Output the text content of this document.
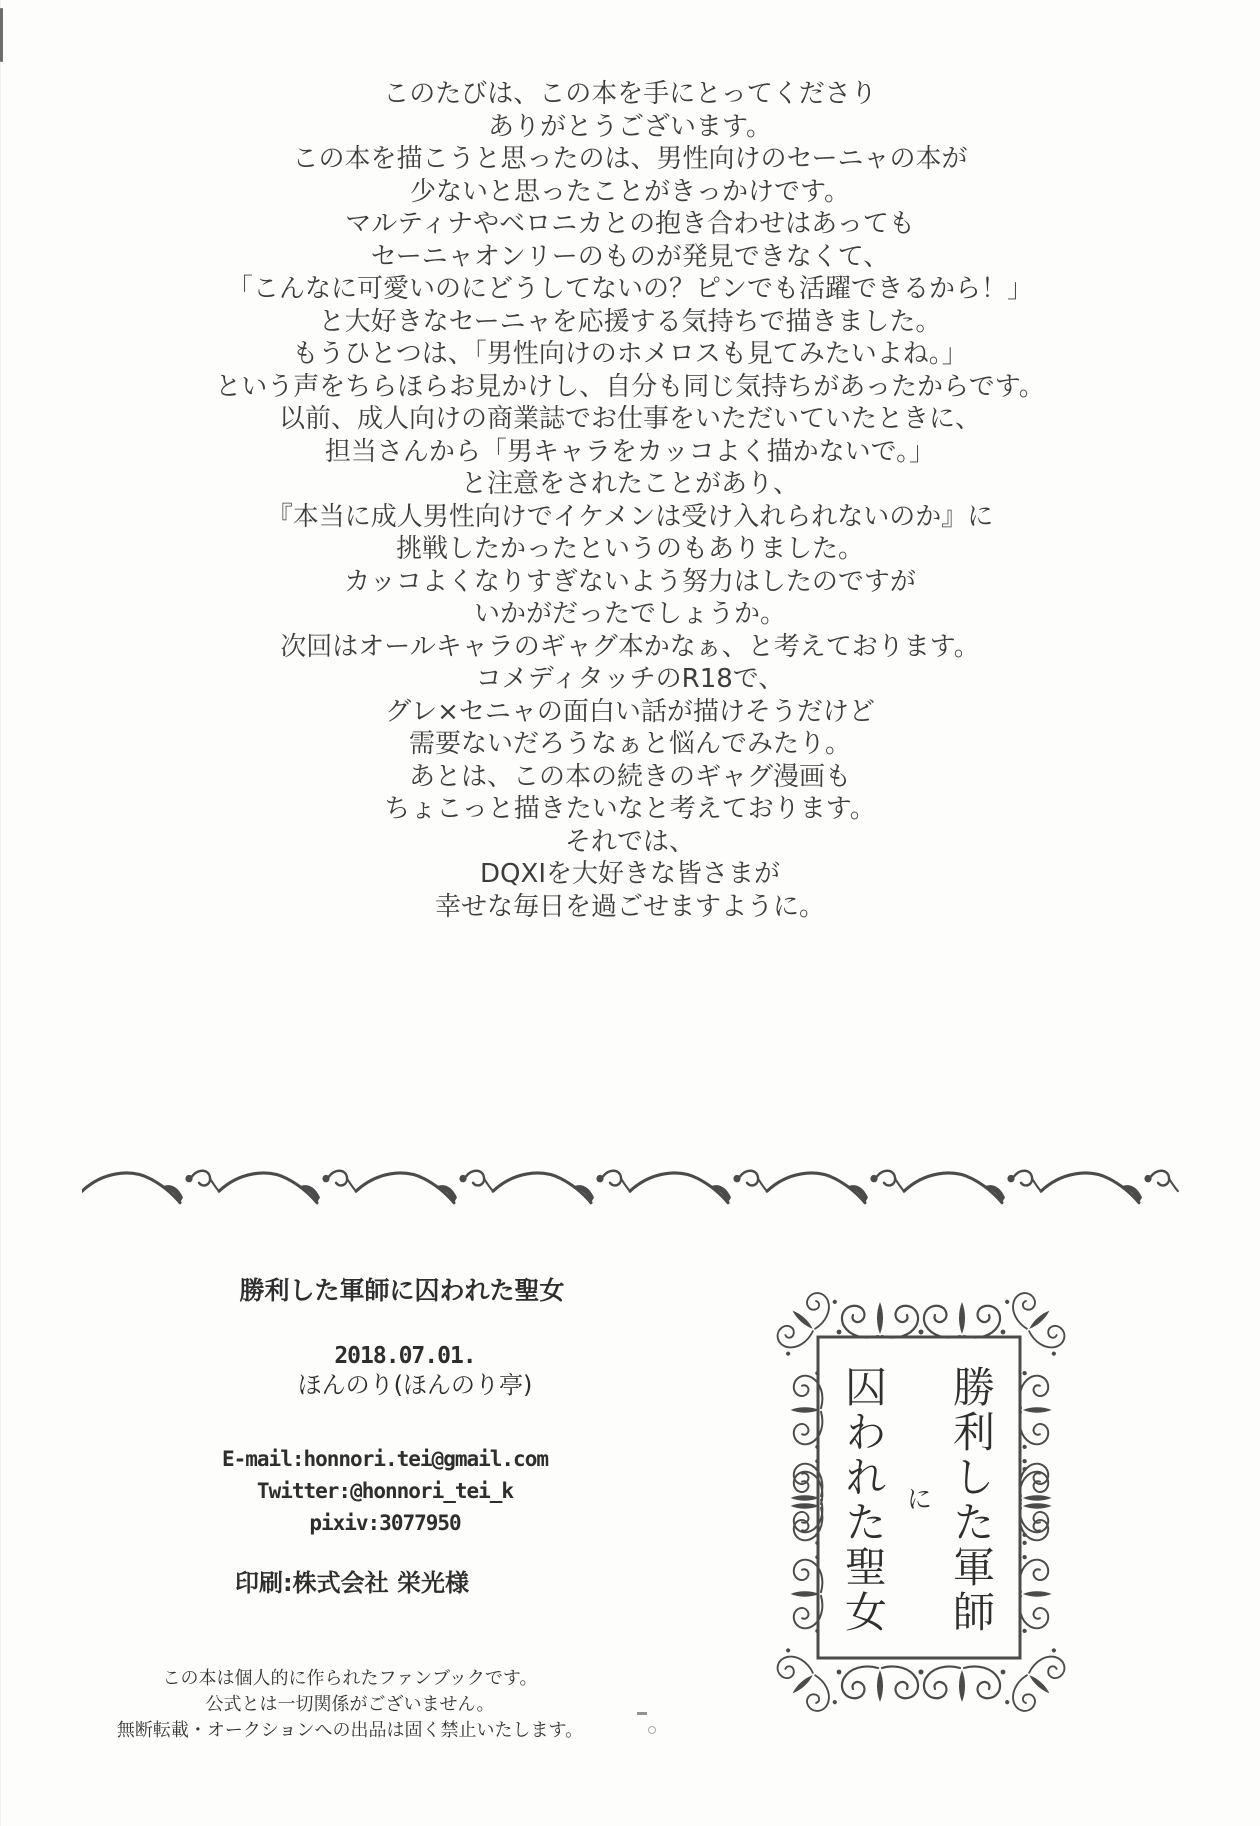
このたびは、この本を手にとってくださり
ありがとうございます。

この本を描こうと思ったのは、男性向けのセーニャの本が
少ないと思ったことがきっかけです。
マルティナやベロニカとの抱き合わせはあっても
セーニャオンリーのものが発見できなくて、
「こんなに可愛いのにどうしてないの？ピンでも活躍できるから！」
と大好きなセーニャを応援する気持ちで描きました。

もうひとつは、「男性向けのホメロスも見てみたいよね。」
という声をちらほらお見かけし、自分も同じ気持ちがあったからです。
以前、成人向けの商業誌でお仕事をいただいていたときに、
担当さんから「男キャラをカッコよく描かないで。」
と注意をされたことがあり、
『本当に成人男性向けでイケメンは受け入れられないのか』に
挑戦したかったというのもありました。
カッコよくなりすぎないよう努力はしたのですが
いかがだったでしょうか。

次回はオールキャラのギャグ本かなぁ、と考えております。
コメディタッチのR18で、
グレ×セニャの面白い話が描けそうだけど
需要ないだろうなぁと悩んでみたり。

あとは、この本の続きのギャグ漫画も
ちょこっと描きたいなと考えております。

それでは、
DQXIを大好きな皆さまが
幸せな毎日を過ごせますように。

勝利した軍師に囚われた聖女
2018.07.01.
ほんのり(ほんのり亭)
E-mail:honnori.tei@gmail.com
Twitter:@honnori_tei_k
pixiv:3077950
印刷:株式会社 栄光様
この本は個人的に作られたファンブックです。
公式とは一切関係がございません。
無断転載・オークションへの出品は固く禁止いたします。
勝利した軍師
に
囚われた聖女
